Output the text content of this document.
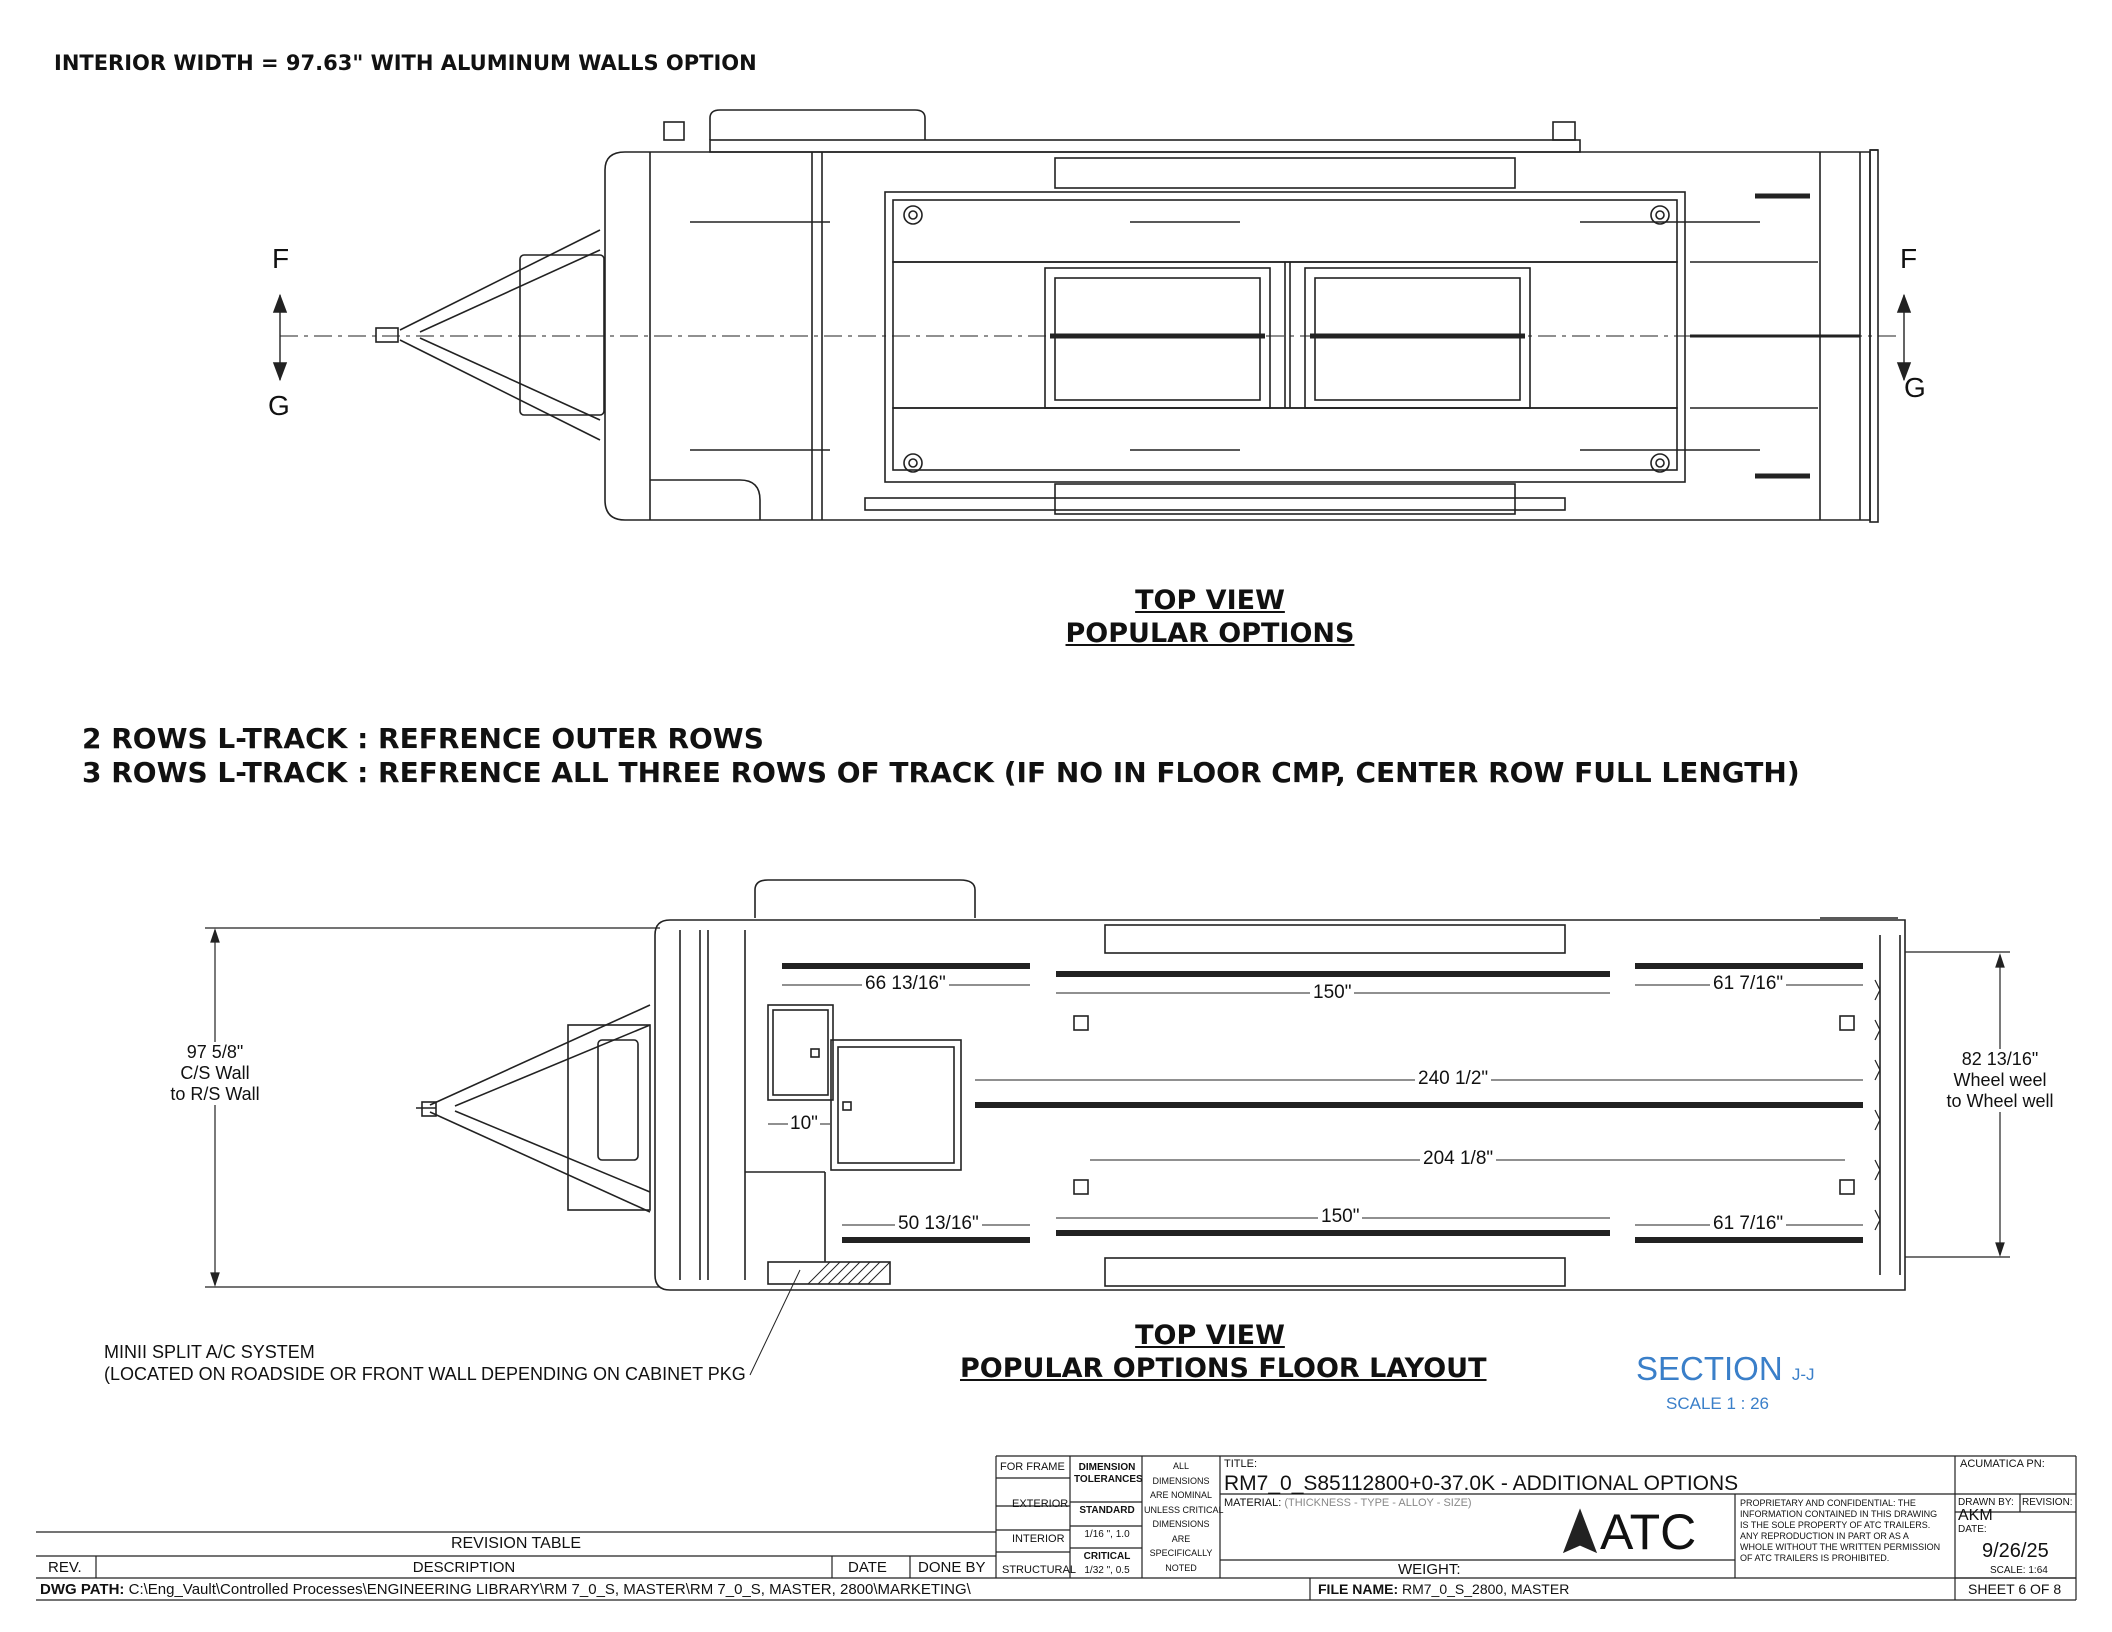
INTERIOR WIDTH = 97.63" WITH ALUMINUM WALLS OPTION
2 ROWS L-TRACK : REFRENCE OUTER ROWS
3 ROWS L-TRACK : REFRENCE ALL THREE ROWS OF TRACK (IF NO IN FLOOR CMP, CENTER ROW FULL LENGTH)
TOP VIEW
POPULAR OPTIONS
TOP VIEW
POPULAR OPTIONS FLOOR LAYOUT	SECTION J-J
SCALE 1 : 26
MINII SPLIT A/C SYSTEM
(LOCATED ON ROADSIDE OR FRONT WALL DEPENDING ON CABINET PKG
F
G
F
G
66 13/16"	150"	61 7/16"
240 1/2"
204 1/8"
50 13/16"	150"	61 7/16"
10"
97 5/8"
C/S Wall
to R/S Wall
82 13/16"
Wheel weel
to Wheel well
REVISION TABLE
REV.	DESCRIPTION	DATE DONE BY
DWG PATH: C:\Eng_Vault\Controlled Processes\ENGINEERING LIBRARY\RM 7_0_S, MASTER\RM 7_0_S, MASTER, 2800\MARKETING\
FOR FRAME
EXTERIOR
INTERIOR
STRUCTURAL
DIMENSION
TOLERANCES
STANDARD
1/16 ", 1.0
CRITICAL
1/32 ", 0.5
ALL
DIMENSIONS
ARE NOMINAL
UNLESS CRITICAL
DIMENSIONS
ARE
SPECIFICALLY
NOTED
TITLE:
RM7_0_S85112800+0-37.0K - ADDITIONAL OPTIONS
MATERIAL: (THICKNESS - TYPE - ALLOY - SIZE)
WEIGHT:
ATC
PROPRIETARY AND CONFIDENTIAL: THE
INFORMATION CONTAINED IN THIS DRAWING
IS THE SOLE PROPERTY OF ATC TRAILERS.
ANY REPRODUCTION IN PART OR AS A
WHOLE WITHOUT THE WRITTEN PERMISSION
OF ATC TRAILERS IS PROHIBITED.
ACUMATICA PN:
DRAWN BY: REVISION:
AKM
DATE:
9/26/25
SCALE: 1:64
SHEET 6 OF 8
FILE NAME: RM7_0_S_2800, MASTER
